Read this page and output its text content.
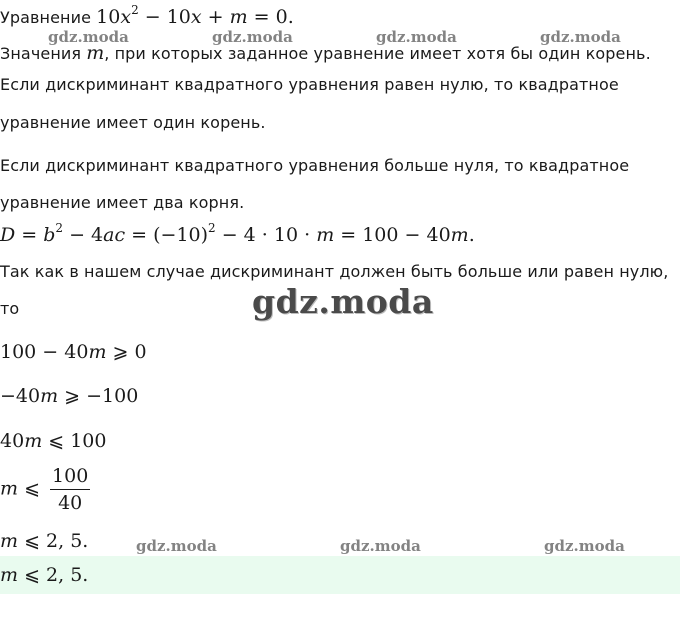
gdz.moda	gdz.moda	gdz.moda	gdz.moda
gdz.moda
Уравнение $10x^2 - 10x + m = 0$.
Значения m, при которых заданное уравнение имеет хотя бы один корень.
Если дискриминант квадратного уравнения равен нулю, то квадратное
уравнение имеет один корень.
Если дискриминант квадратного уравнения больше нуля, то квадратное
уравнение имеет два корня.
$D = b^2 - 4ac = (-10)^2 - 4 \cdot 10 \cdot m = 100 - 40m$.
Так как в нашем случае дискриминант должен быть больше или равен нулю,
то
100 − 40m ⩾ 0
−40m ⩾ −100
40m ⩽ 100
m ⩽ $\frac{100}{40}$
m ⩽ 2, 5.	gdz.moda	gdz.moda	gdz.moda
m ⩽ 2, 5.
